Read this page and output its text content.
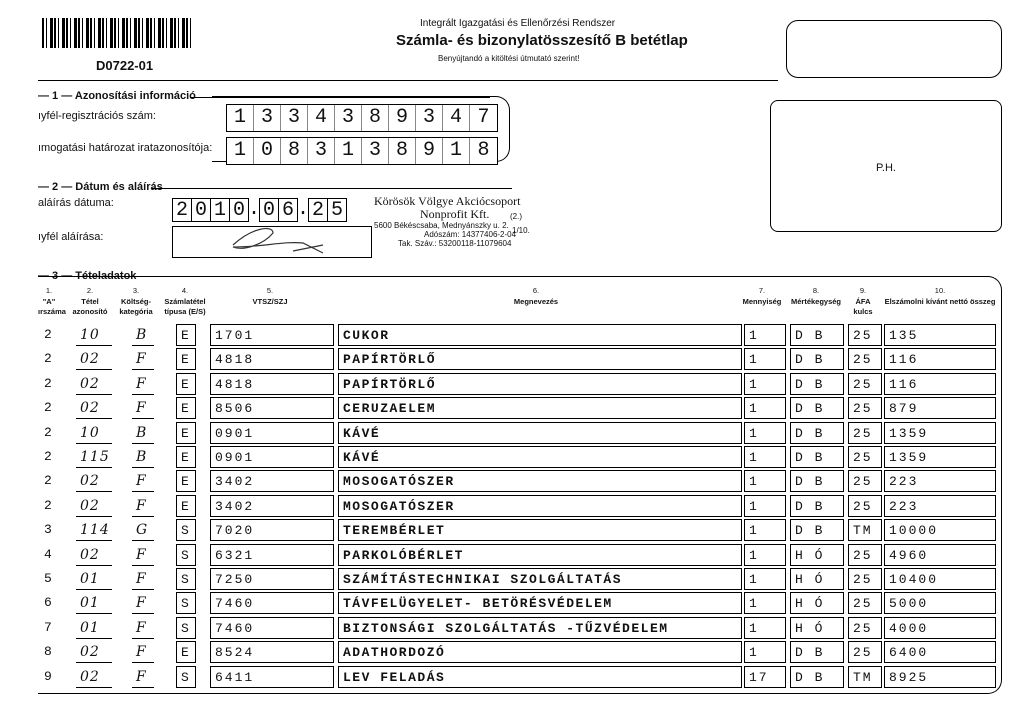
D0722-01
Integrált Igazgatási és Ellenőrzési Rendszer
Számla- és bizonylatösszesítő B betétlap
Benyújtandó a kitöltési útmutató szerint!
— 1 — Azonosítási információ
ıyfél-regisztrációs szám:	1 3 3 4 3 8 9 3 4 7
ımogatási határozat iratazonosítója:	1 0 8 3 1 3 8 9 1 8
P.H.
— 2 — Dátum és aláírás
aláírás dátuma:	2 0 1 0 . 0 6 . 2 5
ıyfél aláírása:
Körösök Völgye Akciócsoport
Nonprofit Kft.
5600 Békéscsaba, Mednyánszky u. 2.
Adószám: 14377406-2-04
Tak. Száv.: 53200118-11079604
(2.)
1/10.
— 3 — Tételadatok
1.
"A" ırszáma
2.
Tétel azonosító
3.
Költség- kategória
4.
Számlatétel típusa (E/S)
5.
VTSZ/SZJ
6.
Megnevezés
7.
Mennyiség
8.
Mértékegység
9.
ÁFA kulcs
10.
Elszámolni kívánt nettó összeg
2	10	B	E	1701	CUKOR	1	D B	25	135
2	02	F	E	4818	PAPÍRTÖRLŐ	1	D B	25	116
2	02	F	E	4818	PAPÍRTÖRLŐ	1	D B	25	116
2	02	F	E	8506	CERUZAELEM	1	D B	25	879
2	10	B	E	0901	KÁVÉ	1	D B	25	1359
2	115 B	E	0901	KÁVÉ	1	D B	25	1359
2	02	F	E	3402	MOSOGATÓSZER	1	D B	25	223
2	02	F	E	3402	MOSOGATÓSZER	1	D B	25	223
3	114 G	S	7020	TEREMBÉRLET	1	D B	TM	10000
4	02	F	S	6321	PARKOLÓBÉRLET	1	H Ó	25	4960
5	01	F	S	7250	SZÁMÍTÁSTECHNIKAI SZOLGÁLTATÁS	1	H Ó	25	10400
6	01	F	S	7460	TÁVFELÜGYELET- BETÖRÉSVÉDELEM	1	H Ó	25	5000
7	01	F	S	7460	BIZTONSÁGI SZOLGÁLTATÁS -TŰZVÉDELEM	1	H Ó	25	4000
8	02	F	E	8524	ADATHORDOZÓ	1	D B	25	6400
9	02	F	S	6411	LEV FELADÁS	17	D B	TM	8925
